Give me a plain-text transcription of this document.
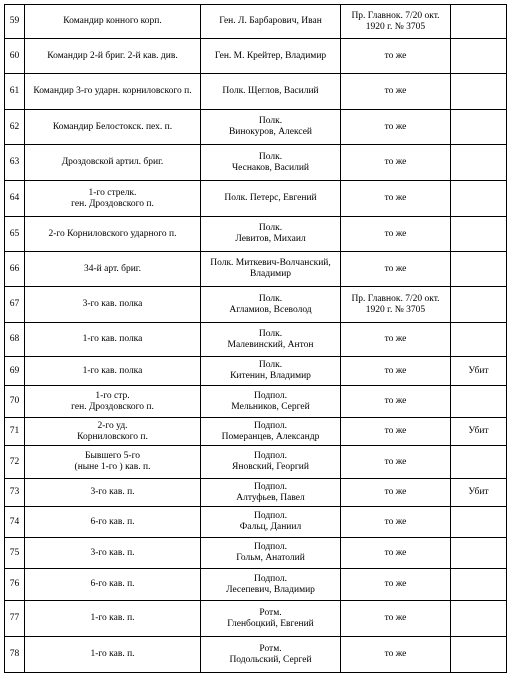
59	Командир конного корп.	Ген. Л. Барбарович, Иван	Пр. Главнок. 7/20 окт.
1920 г. № 3705	
60	Командир 2-й бриг. 2-й кав. див.	Ген. М. Крейтер, Владимир	то же	
61	Командир 3-го ударн. корниловского п.	Полк. Щеглов, Василий	то же	
62	Командир Белостокск. пех. п.	Полк.
Винокуров, Алексей	то же	
63	Дроздовской артил. бриг.	Полк.
Чеснаков, Василий	то же	
64	1-го стрелк.
ген. Дроздовского п.	Полк. Петерс, Евгений	то же	
65	2-го Корниловского ударного п.	Полк.
Левитов, Михаил	то же	
66	34-й арт. бриг.	Полк. Миткевич-Волчанский,
Владимир	то же	
67	3-го кав. полка	Полк.
Агламиов, Всеволод	Пр. Главнок. 7/20 окт.
1920 г. № 3705	
68	1-го кав. полка	Полк.
Малевинский, Антон	то же	
69	1-го кав. полка	Полк.
Китенин, Владимир	то же	Убит
70	1-го стр.
ген. Дроздовского п.	Подпол.
Мельников, Сергей	то же	
71	2-го уд.
Корниловского п.	Подпол.
Померанцев, Александр	то же	Убит
72	Бывшего 5-го
(ныне 1-го ) кав. п.	Подпол.
Яновский, Георгий	то же	
73	3-го кав. п.	Подпол.
Алтуфьев, Павел	то же	Убит
74	6-го кав. п.	Подпол.
Фальц, Даниил	то же	
75	3-го кав. п.	Подпол.
Гольм, Анатолий	то же	
76	6-го кав. п.	Подпол.
Лесепевич, Владимир	то же	
77	1-го кав. п.	Ротм.
Гленбоцкий, Евгений	то же	
78	1-го кав. п.	Ротм.
Подольский, Сергей	то же	
